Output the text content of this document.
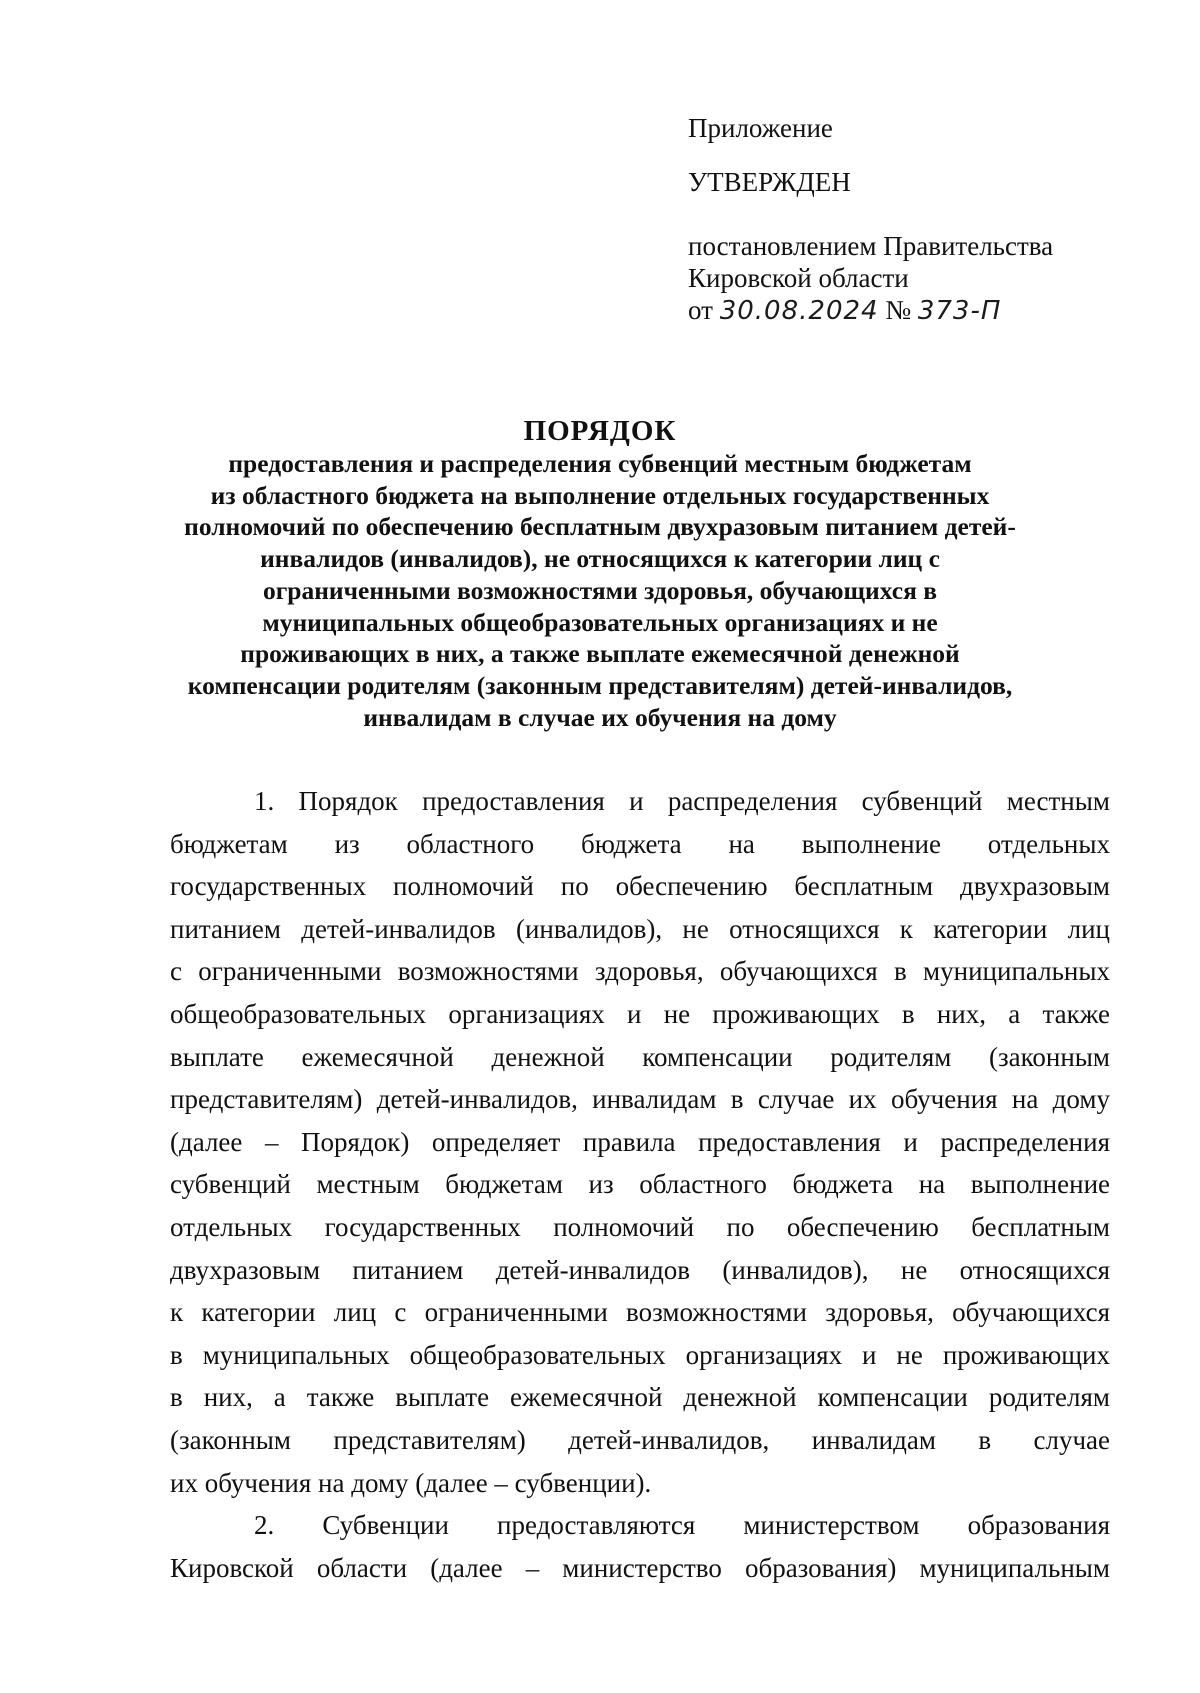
Приложение
УТВЕРЖДЕН
постановлением Правительства
Кировской области
от 30.08.2024 № 373-П
ПОРЯДОК
предоставления и распределения субвенций местным бюджетам
из областного бюджета на выполнение отдельных государственных
полномочий по обеспечению бесплатным двухразовым питанием детей-
инвалидов (инвалидов), не относящихся к категории лиц с
ограниченными возможностями здоровья, обучающихся в
муниципальных общеобразовательных организациях и не
проживающих в них, а также выплате ежемесячной денежной
компенсации родителям (законным представителям) детей-инвалидов,
инвалидам в случае их обучения на дому
1. Порядок предоставления и распределения субвенций местным
бюджетам из областного бюджета на выполнение отдельных
государственных полномочий по обеспечению бесплатным двухразовым
питанием детей-инвалидов (инвалидов), не относящихся к категории лиц
с ограниченными возможностями здоровья, обучающихся в муниципальных
общеобразовательных организациях и не проживающих в них, а также
выплате ежемесячной денежной компенсации родителям (законным
представителям) детей-инвалидов, инвалидам в случае их обучения на дому
(далее – Порядок) определяет правила предоставления и распределения
субвенций местным бюджетам из областного бюджета на выполнение
отдельных государственных полномочий по обеспечению бесплатным
двухразовым питанием детей-инвалидов (инвалидов), не относящихся
к категории лиц с ограниченными возможностями здоровья, обучающихся
в муниципальных общеобразовательных организациях и не проживающих
в них, а также выплате ежемесячной денежной компенсации родителям
(законным представителям) детей-инвалидов, инвалидам в случае
их обучения на дому (далее – субвенции).
2. Субвенции предоставляются министерством образования
Кировской области (далее – министерство образования) муниципальным
